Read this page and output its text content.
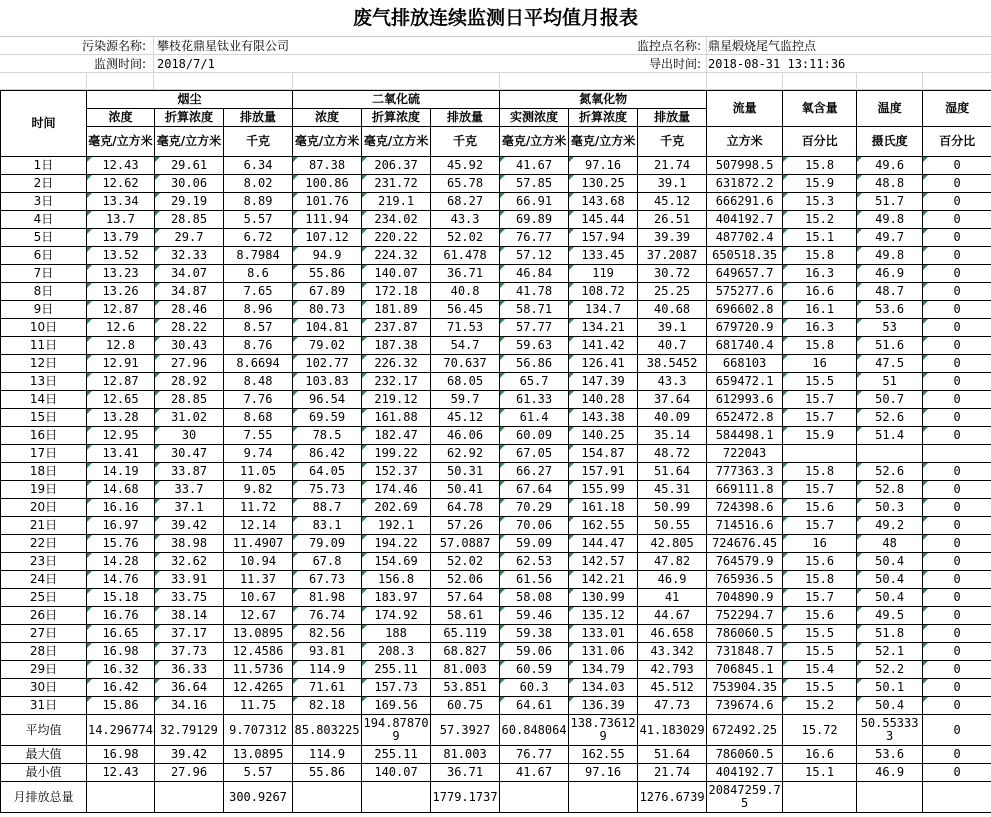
废气排放连续监测日平均值月报表
污染源名称: 攀枝花鼎星钛业有限公司	监控点名称: 鼎星煅烧尾气监控点
监测时间: 2018/7/1	导出时间: 2018-08-31 13:11:36
时间	烟尘			二氧化硫			氮氧化物			流量	氧含量	温度	湿度
	浓度	折算浓度	排放量	浓度	折算浓度	排放量	实测浓度	折算浓度	排放量				
	毫克/立方米	毫克/立方米	千克	毫克/立方米	毫克/立方米	千克	毫克/立方米	毫克/立方米	千克	立方米	百分比	摄氏度	百分比
1日	12.43	29.61	6.34	87.38	206.37	45.92	41.67	97.16	21.74	507998.5	15.8	49.6	0
2日	12.62	30.06	8.02	100.86	231.72	65.78	57.85	130.25	39.1	631872.2	15.9	48.8	0
3日	13.34	29.19	8.89	101.76	219.1	68.27	66.91	143.68	45.12	666291.6	15.3	51.7	0
4日	13.7	28.85	5.57	111.94	234.02	43.3	69.89	145.44	26.51	404192.7	15.2	49.8	0
5日	13.79	29.7	6.72	107.12	220.22	52.02	76.77	157.94	39.39	487702.4	15.1	49.7	0
6日	13.52	32.33	8.7984	94.9	224.32	61.478	57.12	133.45	37.2087	650518.35	15.8	49.8	0
7日	13.23	34.07	8.6	55.86	140.07	36.71	46.84	119	30.72	649657.7	16.3	46.9	0
8日	13.26	34.87	7.65	67.89	172.18	40.8	41.78	108.72	25.25	575277.6	16.6	48.7	0
9日	12.87	28.46	8.96	80.73	181.89	56.45	58.71	134.7	40.68	696602.8	16.1	53.6	0
10日	12.6	28.22	8.57	104.81	237.87	71.53	57.77	134.21	39.1	679720.9	16.3	53	0
11日	12.8	30.43	8.76	79.02	187.38	54.7	59.63	141.42	40.7	681740.4	15.8	51.6	0
12日	12.91	27.96	8.6694	102.77	226.32	70.637	56.86	126.41	38.5452	668103	16	47.5	0
13日	12.87	28.92	8.48	103.83	232.17	68.05	65.7	147.39	43.3	659472.1	15.5	51	0
14日	12.65	28.85	7.76	96.54	219.12	59.7	61.33	140.28	37.64	612993.6	15.7	50.7	0
15日	13.28	31.02	8.68	69.59	161.88	45.12	61.4	143.38	40.09	652472.8	15.7	52.6	0
16日	12.95	30	7.55	78.5	182.47	46.06	60.09	140.25	35.14	584498.1	15.9	51.4	0
17日	13.41	30.47	9.74	86.42	199.22	62.92	67.05	154.87	48.72	722043			
18日	14.19	33.87	11.05	64.05	152.37	50.31	66.27	157.91	51.64	777363.3	15.8	52.6	0
19日	14.68	33.7	9.82	75.73	174.46	50.41	67.64	155.99	45.31	669111.8	15.7	52.8	0
20日	16.16	37.1	11.72	88.7	202.69	64.78	70.29	161.18	50.99	724398.6	15.6	50.3	0
21日	16.97	39.42	12.14	83.1	192.1	57.26	70.06	162.55	50.55	714516.6	15.7	49.2	0
22日	15.76	38.98	11.4907	79.09	194.22	57.0887	59.09	144.47	42.805	724676.45	16	48	0
23日	14.28	32.62	10.94	67.8	154.69	52.02	62.53	142.57	47.82	764579.9	15.6	50.4	0
24日	14.76	33.91	11.37	67.73	156.8	52.06	61.56	142.21	46.9	765936.5	15.8	50.4	0
25日	15.18	33.75	10.67	81.98	183.97	57.64	58.08	130.99	41	704890.9	15.7	50.4	0
26日	16.76	38.14	12.67	76.74	174.92	58.61	59.46	135.12	44.67	752294.7	15.6	49.5	0
27日	16.65	37.17	13.0895	82.56	188	65.119	59.38	133.01	46.658	786060.5	15.5	51.8	0
28日	16.98	37.73	12.4586	93.81	208.3	68.827	59.06	131.06	43.342	731848.7	15.5	52.1	0
29日	16.32	36.33	11.5736	114.9	255.11	81.003	60.59	134.79	42.793	706845.1	15.4	52.2	0
30日	16.42	36.64	12.4265	71.61	157.73	53.851	60.3	134.03	45.512	753904.35	15.5	50.1	0
31日	15.86	34.16	11.75	82.18	169.56	60.75	64.61	136.39	47.73	739674.6	15.2	50.4	0
平均值	14.296774	32.79129	9.707312	85.803225	194.878709	57.3927	60.848064	138.736129	41.183029	672492.25	15.72	50.553333	0
最大值	16.98	39.42	13.0895	114.9	255.11	81.003	76.77	162.55	51.64	786060.5	16.6	53.6	0
最小值	12.43	27.96	5.57	55.86	140.07	36.71	41.67	97.16	21.74	404192.7	15.1	46.9	0
月排放总量			300.9267			1779.1737			1276.6739	20847259.75			
